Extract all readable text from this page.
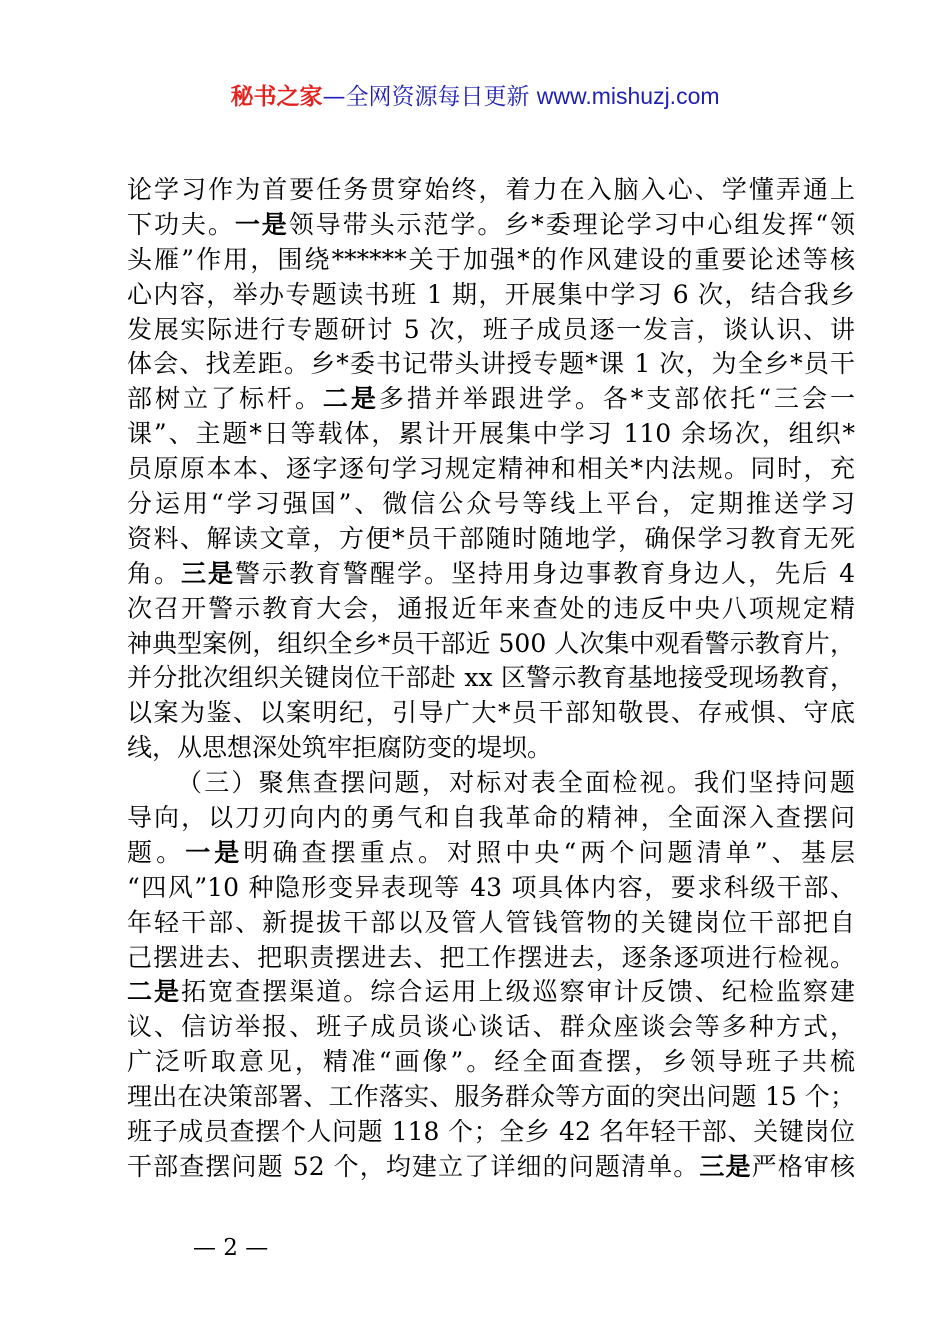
秘书之家—全网资源每日更新 www.mishuzj.com
论学习作为首要任务贯穿始终，着力在入脑入心、学懂弄通上
下功夫。一是领导带头示范学。乡*委理论学习中心组发挥“领
头雁”作用，围绕******关于加强*的作风建设的重要论述等核
心内容，举办专题读书班 1 期，开展集中学习 6 次，结合我乡
发展实际进行专题研讨 5 次，班子成员逐一发言，谈认识、讲
体会、找差距。乡*委书记带头讲授专题*课 1 次，为全乡*员干
部树立了标杆。二是多措并举跟进学。各*支部依托“三会一
课”、主题*日等载体，累计开展集中学习 110 余场次，组织*
员原原本本、逐字逐句学习规定精神和相关*内法规。同时，充
分运用“学习强国”、微信公众号等线上平台，定期推送学习
资料、解读文章，方便*员干部随时随地学，确保学习教育无死
角。三是警示教育警醒学。坚持用身边事教育身边人，先后 4
次召开警示教育大会，通报近年来查处的违反中央八项规定精
神典型案例，组织全乡*员干部近 500 人次集中观看警示教育片，
并分批次组织关键岗位干部赴 xx 区警示教育基地接受现场教育，
以案为鉴、以案明纪，引导广大*员干部知敬畏、存戒惧、守底
线，从思想深处筑牢拒腐防变的堤坝。
（三）聚焦查摆问题，对标对表全面检视。我们坚持问题
导向，以刀刃向内的勇气和自我革命的精神，全面深入查摆问
题。一是明确查摆重点。对照中央“两个问题清单”、基层
“四风”10 种隐形变异表现等 43 项具体内容，要求科级干部、
年轻干部、新提拔干部以及管人管钱管物的关键岗位干部把自
己摆进去、把职责摆进去、把工作摆进去，逐条逐项进行检视。
二是拓宽查摆渠道。综合运用上级巡察审计反馈、纪检监察建
议、信访举报、班子成员谈心谈话、群众座谈会等多种方式，
广泛听取意见，精准“画像”。经全面查摆，乡领导班子共梳
理出在决策部署、工作落实、服务群众等方面的突出问题 15 个；
班子成员查摆个人问题 118 个；全乡 42 名年轻干部、关键岗位
干部查摆问题 52 个，均建立了详细的问题清单。三是严格审核
— 2 —
